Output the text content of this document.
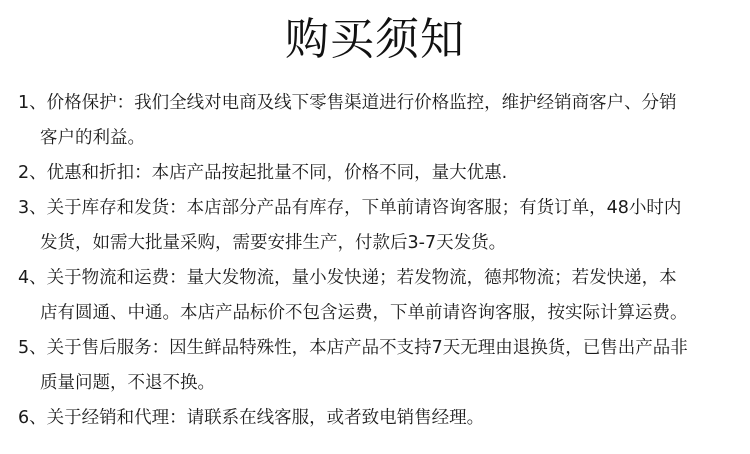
购买须知
1、价格保护：我们全线对电商及线下零售渠道进行价格监控，维护经销商客户、分销
客户的利益。
2、优惠和折扣：本店产品按起批量不同，价格不同，量大优惠.
3、关于库存和发货：本店部分产品有库存，下单前请咨询客服；有货订单，48小时内
发货，如需大批量采购，需要安排生产，付款后3-7天发货。
4、关于物流和运费：量大发物流，量小发快递；若发物流，德邦物流；若发快递，本
店有圆通、中通。本店产品标价不包含运费，下单前请咨询客服，按实际计算运费。
5、关于售后服务：因生鲜品特殊性，本店产品不支持7天无理由退换货，已售出产品非
质量问题，不退不换。
6、关于经销和代理：请联系在线客服，或者致电销售经理。
